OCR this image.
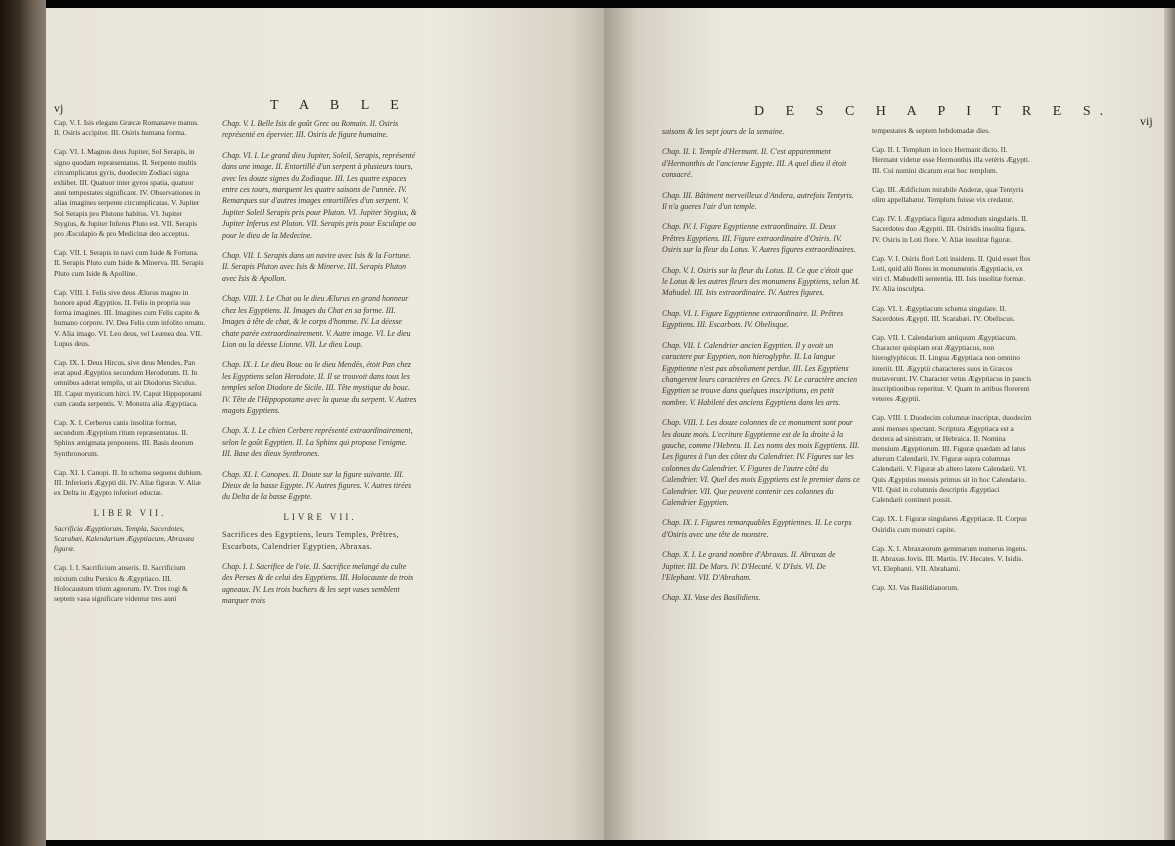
vj	T A B L E

Cap. V. I. Isis elegans Græcæ Romanæve manus. II. Osiris accipiter. III. Osiris humana forma.

Cap. VI. I. Magnus deus Jupiter, Sol Serapis, in signo quodam repræsentatus. II. Serpente multis circumplicatus gyris, duodecim Zodiaci signa exhibet. III. Quatuor inter gyros spatia, quatuor anni tempestates significant. IV. Observationes in alias imagines serpente circumplicatas. V. Jupiter Sol Serapis pro Plutone habitus. VI. Jupiter Stygius, & Jupiter Inferus Pluto est. VII. Serapis pro Æsculapio & pro Medicinæ deo acceptus.

Cap. VII. I. Serapis in navi cum Iside & Fortuna. II. Serapis Pluto cum Iside & Minerva. III. Serapis Pluto cum Iside & Apolline.

Cap. VIII. I. Felis sive deus Ælurus magno in honore apud Ægyptios. II. Felis in propria sua forma imagines. III. Imagines cum Felis capite & humano corpore. IV. Dea Felis cum infolito ornatu. V. Alia imago. VI. Leo deus, vel Leænea dea. VII. Lupus deus.

Cap. IX. I. Deus Hircus, sive deus Mendes, Pan erat apud Ægyptios secundum Herodotum. II. In omnibus aderat templis, ut ait Diodorus Siculus. III. Caput mysticum hirci. IV. Caput Hippopotami cum cauda serpentis. V. Monstra alia Ægyptiaca.

Cap. X. I. Cerberus canis insolitæ formæ, secundum Ægyptium ritum repræsentatus. II. Sphinx ænigmata proponens. III. Basis deorum Synthronorum.

Cap. XI. I. Canopi. II. In schema sequens dubium. III. Inferioris Ægypti dii. IV. Aliæ figuræ. V. Aliæ ex Delta in Ægypto inferiori eductæ.

LIBER VII.

Sacrificia Ægyptiorum, Templa, Sacerdotes, Scarabæi, Kalendarium Ægyptiacum, Abraxæa figuræ.

Cap. I. I. Sacrificium anseris. II. Sacrificium mixtum cultu Persico & Ægyptiaco. III. Holocaustum trium agnorum. IV. Tres rogi & septem vasa significare videntur tres anni

Chap. V. I. Belle Isis de goût Grec ou Romain. II. Osiris représenté en épervier. III. Osiris de figure humaine.

Chap. VI. I. Le grand dieu Jupiter, Soleil, Serapis, représenté dans une image. II. Entortillé d'un serpent à plusieurs tours, avec les douze signes du Zodiaque. III. Les quatre espaces entre ces tours, marquent les quatre saisons de l'année. IV. Remarques sur d'autres images entortillées d'un serpent. V. Jupiter Soleil Serapis pris pour Pluton. VI. Jupiter Stygius, & Jupiter Inferus est Pluton. VII. Serapis pris pour Esculape ou pour le dieu de la Medecine.

Chap. VII. I. Serapis dans un navire avec Isis & la Fortune. II. Serapis Pluton avec Isis & Minerve. III. Serapis Pluton avec Isis & Apollon.

Chap. VIII. I. Le Chat ou le dieu Ælurus en grand honneur chez les Egyptiens. II. Images du Chat en sa forme. III. Images à tête de chat, & le corps d'homme. IV. La déesse chate parée extraordinairement. V. Autre image. VI. Le dieu Lion ou la déesse Lionne. VII. Le dieu Loup.

Chap. IX. I. Le dieu Bouc ou le dieu Mendés, étoit Pan chez les Egyptiens selon Herodote. II. Il se trouvoit dans tous les temples selon Diodore de Sicile. III. Tête mystique du bouc. IV. Tête de l'Hippopotame avec la queue du serpent. V. Autres magots Egyptiens.

Chap. X. I. Le chien Cerbere représenté extraordinairement, selon le goût Egyptien. II. La Sphinx qui propose l'enigme. III. Base des dieux Synthrones.

Chap. XI. I. Canopes. II. Doute sur la figure suivante. III. Dieux de la basse Egypte. IV. Autres figures. V. Autres tirées du Delta de la basse Egypte.

LIVRE VII.

Sacrifices des Egyptiens, leurs Temples, Prêtres, Escarbots, Calendrier Egyptien, Abraxas.

Chap. I. I. Sacrifice de l'oie. II. Sacrifice melangé du culte des Perses & de celui des Egyptiens. III. Holocauste de trois agneaux. IV. Les trois buchers & les sept vases semblent marquer trois

D E S C H A P I T R E S.
vij

saisons & les sept jours de la semaine.

Chap. II. I. Temple d'Hermant. II. C'est apparemment d'Hermonthis de l'ancienne Egypte. III. A quel dieu il étoit consacré.

Chap. III. Bâtiment merveilleux d'Andera, autrefois Tentyris. Il n'a gueres l'air d'un temple.

Chap. IV. I. Figure Egyptienne extraordinaire. II. Deux Prêtres Egyptiens. III. Figure extraordinaire d'Osiris. IV. Osiris sur la fleur du Lotus. V. Autres figures extraordinaires.

Chap. V. I. Osiris sur la fleur du Lotus. II. Ce que c'étoit que le Lotus & les autres fleurs des monumens Egyptiens, selon M. Mahudel. III. Isis extraordinaire. IV. Autres figures.

Chap. VI. I. Figure Egyptienne extraordinaire. II. Prêtres Egyptiens. III. Escarbots. IV. Obelisque.

Chap. VII. I. Calendrier ancien Egyptien. Il y avoit un caractere pur Egyptien, non hieroglyphe. II. La langue Egyptienne n'est pas absolument perdue. III. Les Egyptiens changerent leurs caractères en Grecs. IV. Le caractère ancien Egyptien se trouve dans quelques inscriptions, en petit nombre. V. Habileté des anciens Egyptiens dans les arts.

Chap. VIII. I. Les douze colonnes de ce monument sont pour les douze mois. L'ecriture Egyptienne est de la droite à la gauche, comme l'Hebreu. II. Les noms des mois Egyptiens. III. Les figures à l'un des côtez du Calendrier. IV. Figures sur les colonnes du Calendrier. V. Figures de l'autre côté du Calendrier. VI. Quel des mois Egyptiens est le premier dans ce Calendrier. VII. Que peuvent contenir ces colonnes du Calendrier Egyptien.

Chap. IX. I. Figures remarquables Egyptiennes. II. Le corps d'Osiris avec une tête de monstre.

Chap. X. I. Le grand nombre d'Abraxas. II. Abraxas de Jupiter. III. De Mars. IV. D'Hecaté. V. D'Isis. VI. De l'Elephant. VII. D'Abraham.

Chap. XI. Vase des Basilidiens.

tempestates & septem hebdomadæ dies.

Cap. II. I. Templum in loco Hermant dicto. II. Hermant videtur esse Hermonthis illa vetéris Ægypti. III. Cui numini dicatum erat hoc templum.

Cap. III. Ædificium mirabile Anderæ, quæ Tentyris olim appellabatur. Templum fuisse vix credatur.

Cap. IV. I. Ægyptiaca figura admodum singularis. II. Sacerdotes duo Ægyptii. III. Osiridis insolita figura. IV. Osiris in Loti flore. V. Aliæ insolitæ figuræ.

Cap. V. I. Osiris flori Loti insidens. II. Quid esset flos Loti, quid alii flores in monumentis Ægyptiacis, ex viri cl. Mahudelli sententia. III. Isis insolitæ formæ. IV. Alia insculpta.

Cap. VI. I. Ægyptiacum schema singulare. II. Sacerdotes Ægypti. III. Scarabæi. IV. Obeliscus.

Cap. VII. I. Calendarium antiquum Ægyptiacum. Character quispiam erat Ægyptiacus, non hieroglyphicus. II. Lingua Ægyptiaca non omnino interiit. III. Ægyptii characteres suos in Græcos mutaverunt. IV. Character vetus Ægyptiacus in paucis inscriptionibus reperitur. V. Quam in artibus florerent veteres Ægyptii.

Cap. VIII. I. Duodecim columnæ inscriptæ, duodecim anni menses spectant. Scriptura Ægyptiaca est a dextera ad sinistram, ut Hebraica. II. Nomina mensium Ægyptiorum. III. Figuræ quædam ad latus alterum Calendarii. IV. Figuræ supra columnas Calendarii. V. Figuræ ab altero latere Calendarii. VI. Quis Ægyptius mensis primus sit in hoc Calendario. VII. Quid in columnis descriptis Ægyptiaci Calendarii contineri possit.

Cap. IX. I. Figuræ singulares Ægyptiacæ. II. Corpus Osiridis cum monstri capite.

Cap. X. I. Abraxæorum gemmarum numerus ingens. II. Abraxas Jovis. III. Martis. IV. Hecates. V. Isidis. VI. Elephanti. VII. Abrahami.

Cap. XI. Vas Basilidianorum.
